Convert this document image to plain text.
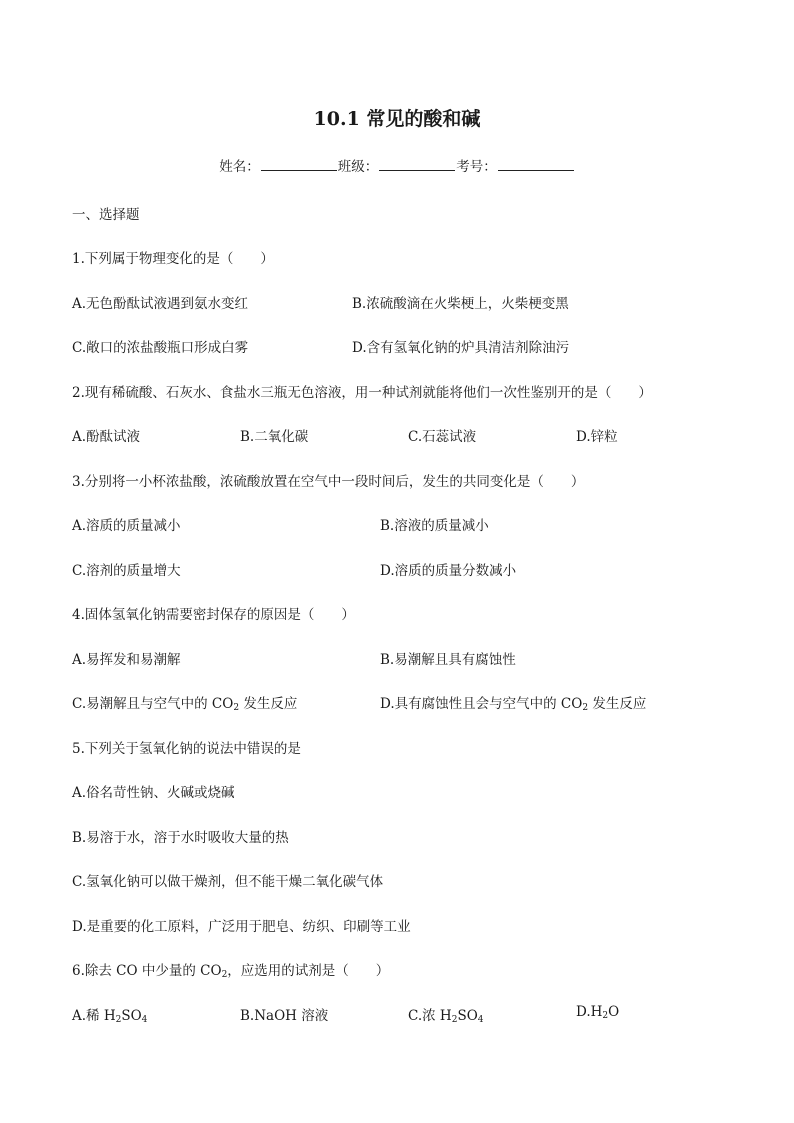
10.1 常见的酸和碱
姓名：	班级：	考号：
一、选择题
1.下列属于物理变化的是（　　）
A.无色酚酞试液遇到氨水变红	B.浓硫酸滴在火柴梗上，火柴梗变黑
C.敞口的浓盐酸瓶口形成白雾	D.含有氢氧化钠的炉具清洁剂除油污
2.现有稀硫酸、石灰水、食盐水三瓶无色溶液，用一种试剂就能将他们一次性鉴别开的是（　　）
A.酚酞试液	B.二氧化碳	C.石蕊试液	D.锌粒
3.分别将一小杯浓盐酸，浓硫酸放置在空气中一段时间后，发生的共同变化是（　　）
A.溶质的质量减小	B.溶液的质量减小
C.溶剂的质量增大	D.溶质的质量分数减小
4.固体氢氧化钠需要密封保存的原因是（　　）
A.易挥发和易潮解	B.易潮解且具有腐蚀性
C.易潮解且与空气中的 $CO_2$ 发生反应	D.具有腐蚀性且会与空气中的 $CO_2$ 发生反应
5.下列关于氢氧化钠的说法中错误的是
A.俗名苛性钠、火碱或烧碱
B.易溶于水，溶于水时吸收大量的热
C.氢氧化钠可以做干燥剂，但不能干燥二氧化碳气体
D.是重要的化工原料，广泛用于肥皂、纺织、印刷等工业
6.除去 CO 中少量的 $CO_2$，应选用的试剂是（　　）
A.稀 $H_2SO_4$	B.NaOH 溶液	C.浓 $H_2SO_4$	$D.H_2O$
